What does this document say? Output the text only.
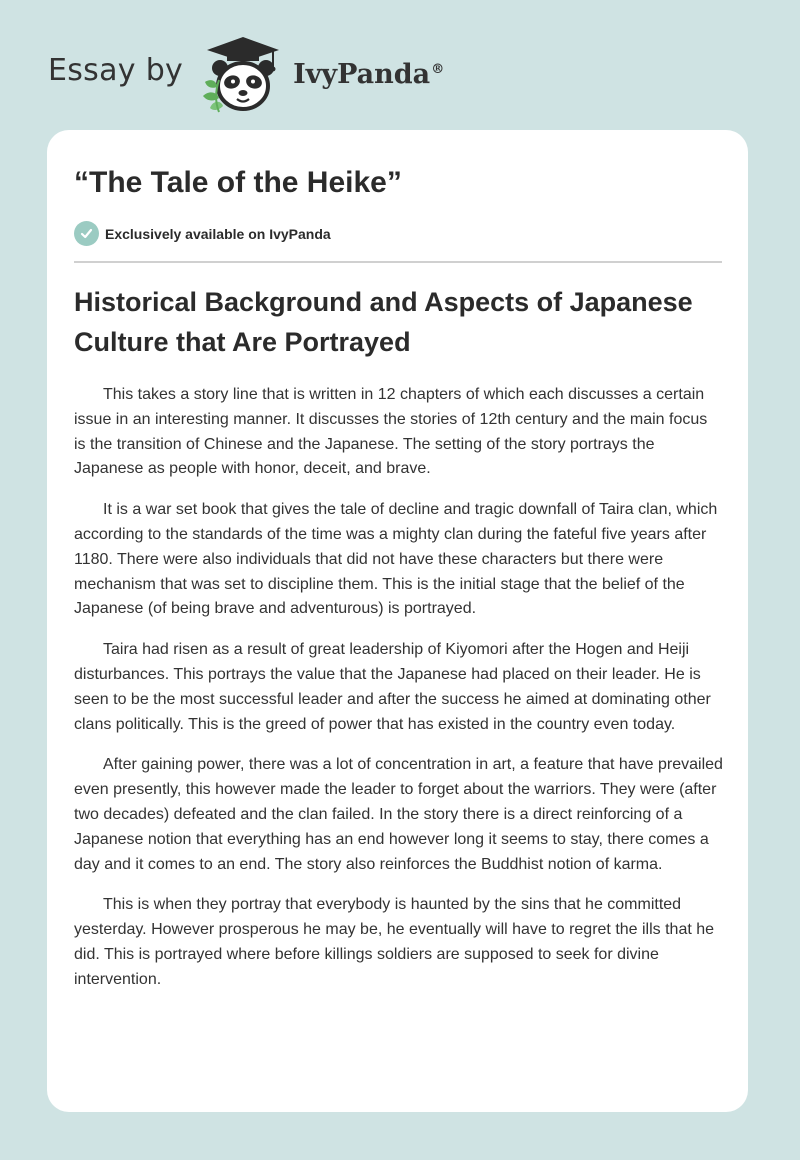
Essay by	IvyPanda®
“The Tale of the Heike”
Exclusively available on IvyPanda
Historical Background and Aspects of Japanese Culture that Are Portrayed

This takes a story line that is written in 12 chapters of which each discusses a certain issue in an interesting manner. It discusses the stories of 12th century and the main focus is the transition of Chinese and the Japanese. The setting of the story portrays the Japanese as people with honor, deceit, and brave.

It is a war set book that gives the tale of decline and tragic downfall of Taira clan, which according to the standards of the time was a mighty clan during the fateful five years after 1180. There were also individuals that did not have these characters but there were mechanism that was set to discipline them. This is the initial stage that the belief of the Japanese (of being brave and adventurous) is portrayed.

Taira had risen as a result of great leadership of Kiyomori after the Hogen and Heiji disturbances. This portrays the value that the Japanese had placed on their leader. He is seen to be the most successful leader and after the success he aimed at dominating other clans politically. This is the greed of power that has existed in the country even today.

After gaining power, there was a lot of concentration in art, a feature that have prevailed even presently, this however made the leader to forget about the warriors. They were (after two decades) defeated and the clan failed. In the story there is a direct reinforcing of a Japanese notion that everything has an end however long it seems to stay, there comes a day and it comes to an end. The story also reinforces the Buddhist notion of karma.

This is when they portray that everybody is haunted by the sins that he committed yesterday. However prosperous he may be, he eventually will have to regret the ills that he did. This is portrayed where before killings soldiers are supposed to seek for divine intervention.
